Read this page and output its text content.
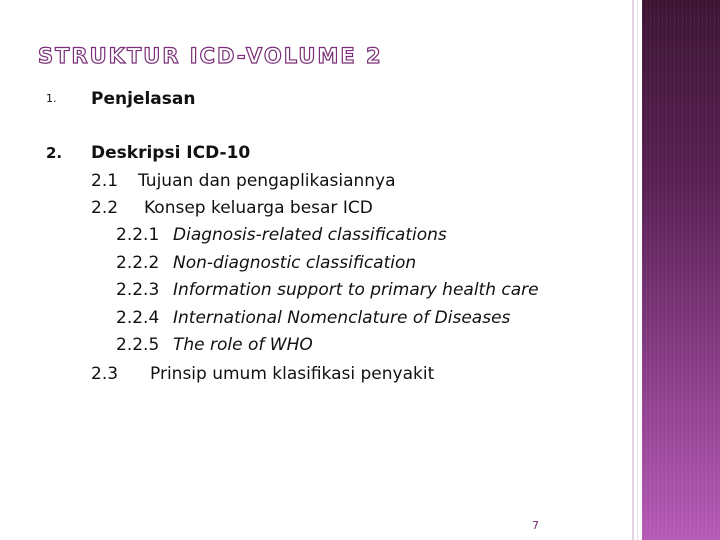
STRUKTUR ICD-VOLUME 2
1. Penjelasan
2. Deskripsi ICD-10
2.1 Tujuan dan pengaplikasiannya
2.2 Konsep keluarga besar ICD
2.2.1 Diagnosis-related classifications
2.2.2 Non-diagnostic classification
2.2.3 Information support to primary health care
2.2.4 International Nomenclature of Diseases
2.2.5 The role of WHO
2.3 Prinsip umum klasifikasi penyakit
7
